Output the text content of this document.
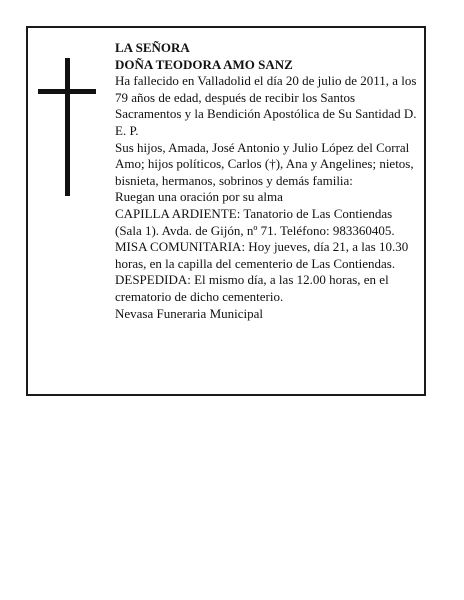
LA SEÑORA

DOÑA TEODORA AMO SANZ

Ha fallecido en Valladolid el día 20 de julio de 2011, a los 79 años de edad, después de recibir los Santos Sacramentos y la Bendición Apostólica de Su Santidad D. E. P.

Sus hijos, Amada, José Antonio y Julio López del Corral Amo; hijos políticos, Carlos (†), Ana y Angelines; nietos, bisnieta, hermanos, sobrinos y demás familia:

Ruegan una oración por su alma

CAPILLA ARDIENTE: Tanatorio de Las Contiendas (Sala 1). Avda. de Gijón, nº 71. Teléfono: 983360405.

MISA COMUNITARIA: Hoy jueves, día 21, a las 10.30 horas, en la capilla del cementerio de Las Contiendas. DESPEDIDA: El mismo día, a las 12.00 horas, en el crematorio de dicho cementerio.

Nevasa Funeraria Municipal
